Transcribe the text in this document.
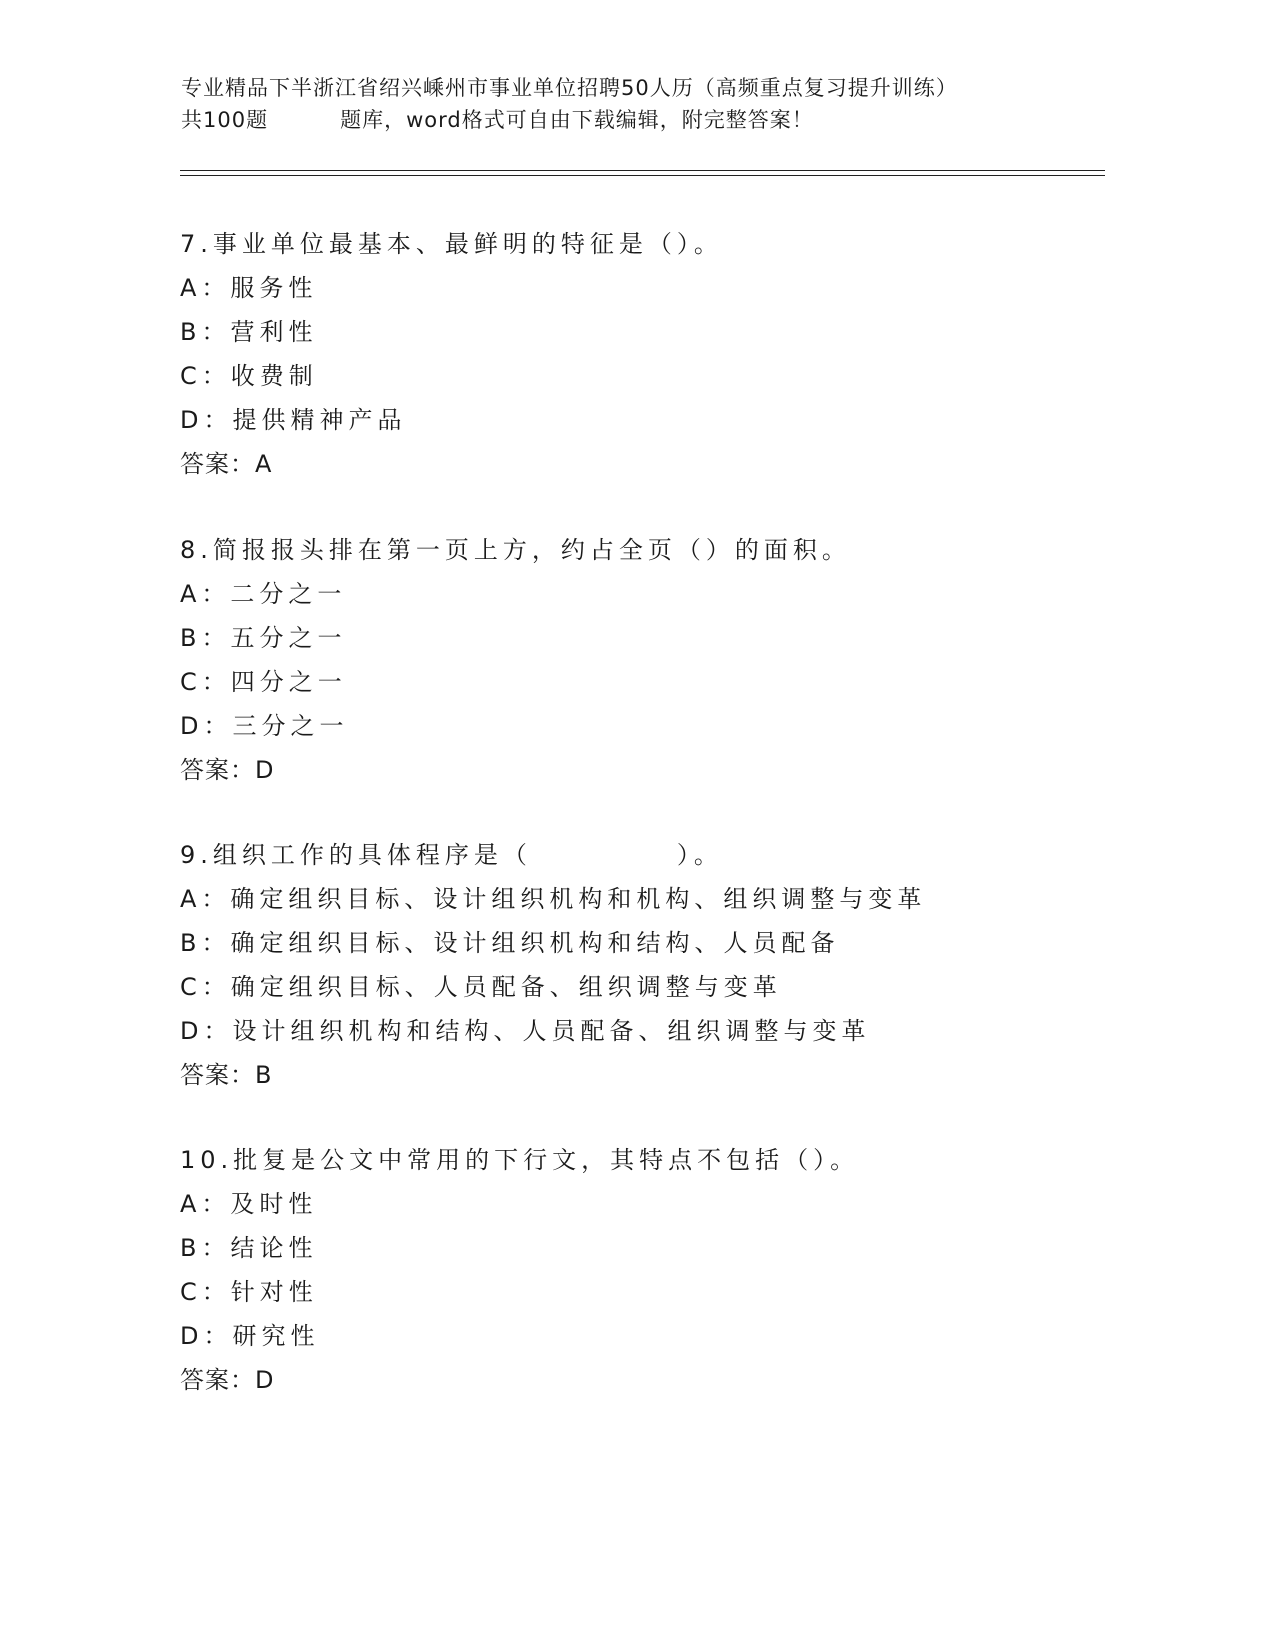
专业精品下半浙江省绍兴嵊州市事业单位招聘50人历（高频重点复习提升训练）
共100题	题库，word格式可自由下载编辑，附完整答案！
7.事业单位最基本、最鲜明的特征是（）。
A：服务性
B：营利性
C：收费制
D：提供精神产品
答案：A
8.简报报头排在第一页上方，约占全页（）的面积。
A：二分之一
B：五分之一
C：四分之一
D：三分之一
答案：D
9.组织工作的具体程序是（　　　　　）。
A：确定组织目标、设计组织机构和机构、组织调整与变革
B：确定组织目标、设计组织机构和结构、人员配备
C：确定组织目标、人员配备、组织调整与变革
D：设计组织机构和结构、人员配备、组织调整与变革
答案：B
10.批复是公文中常用的下行文，其特点不包括（）。
A：及时性
B：结论性
C：针对性
D：研究性
答案：D
